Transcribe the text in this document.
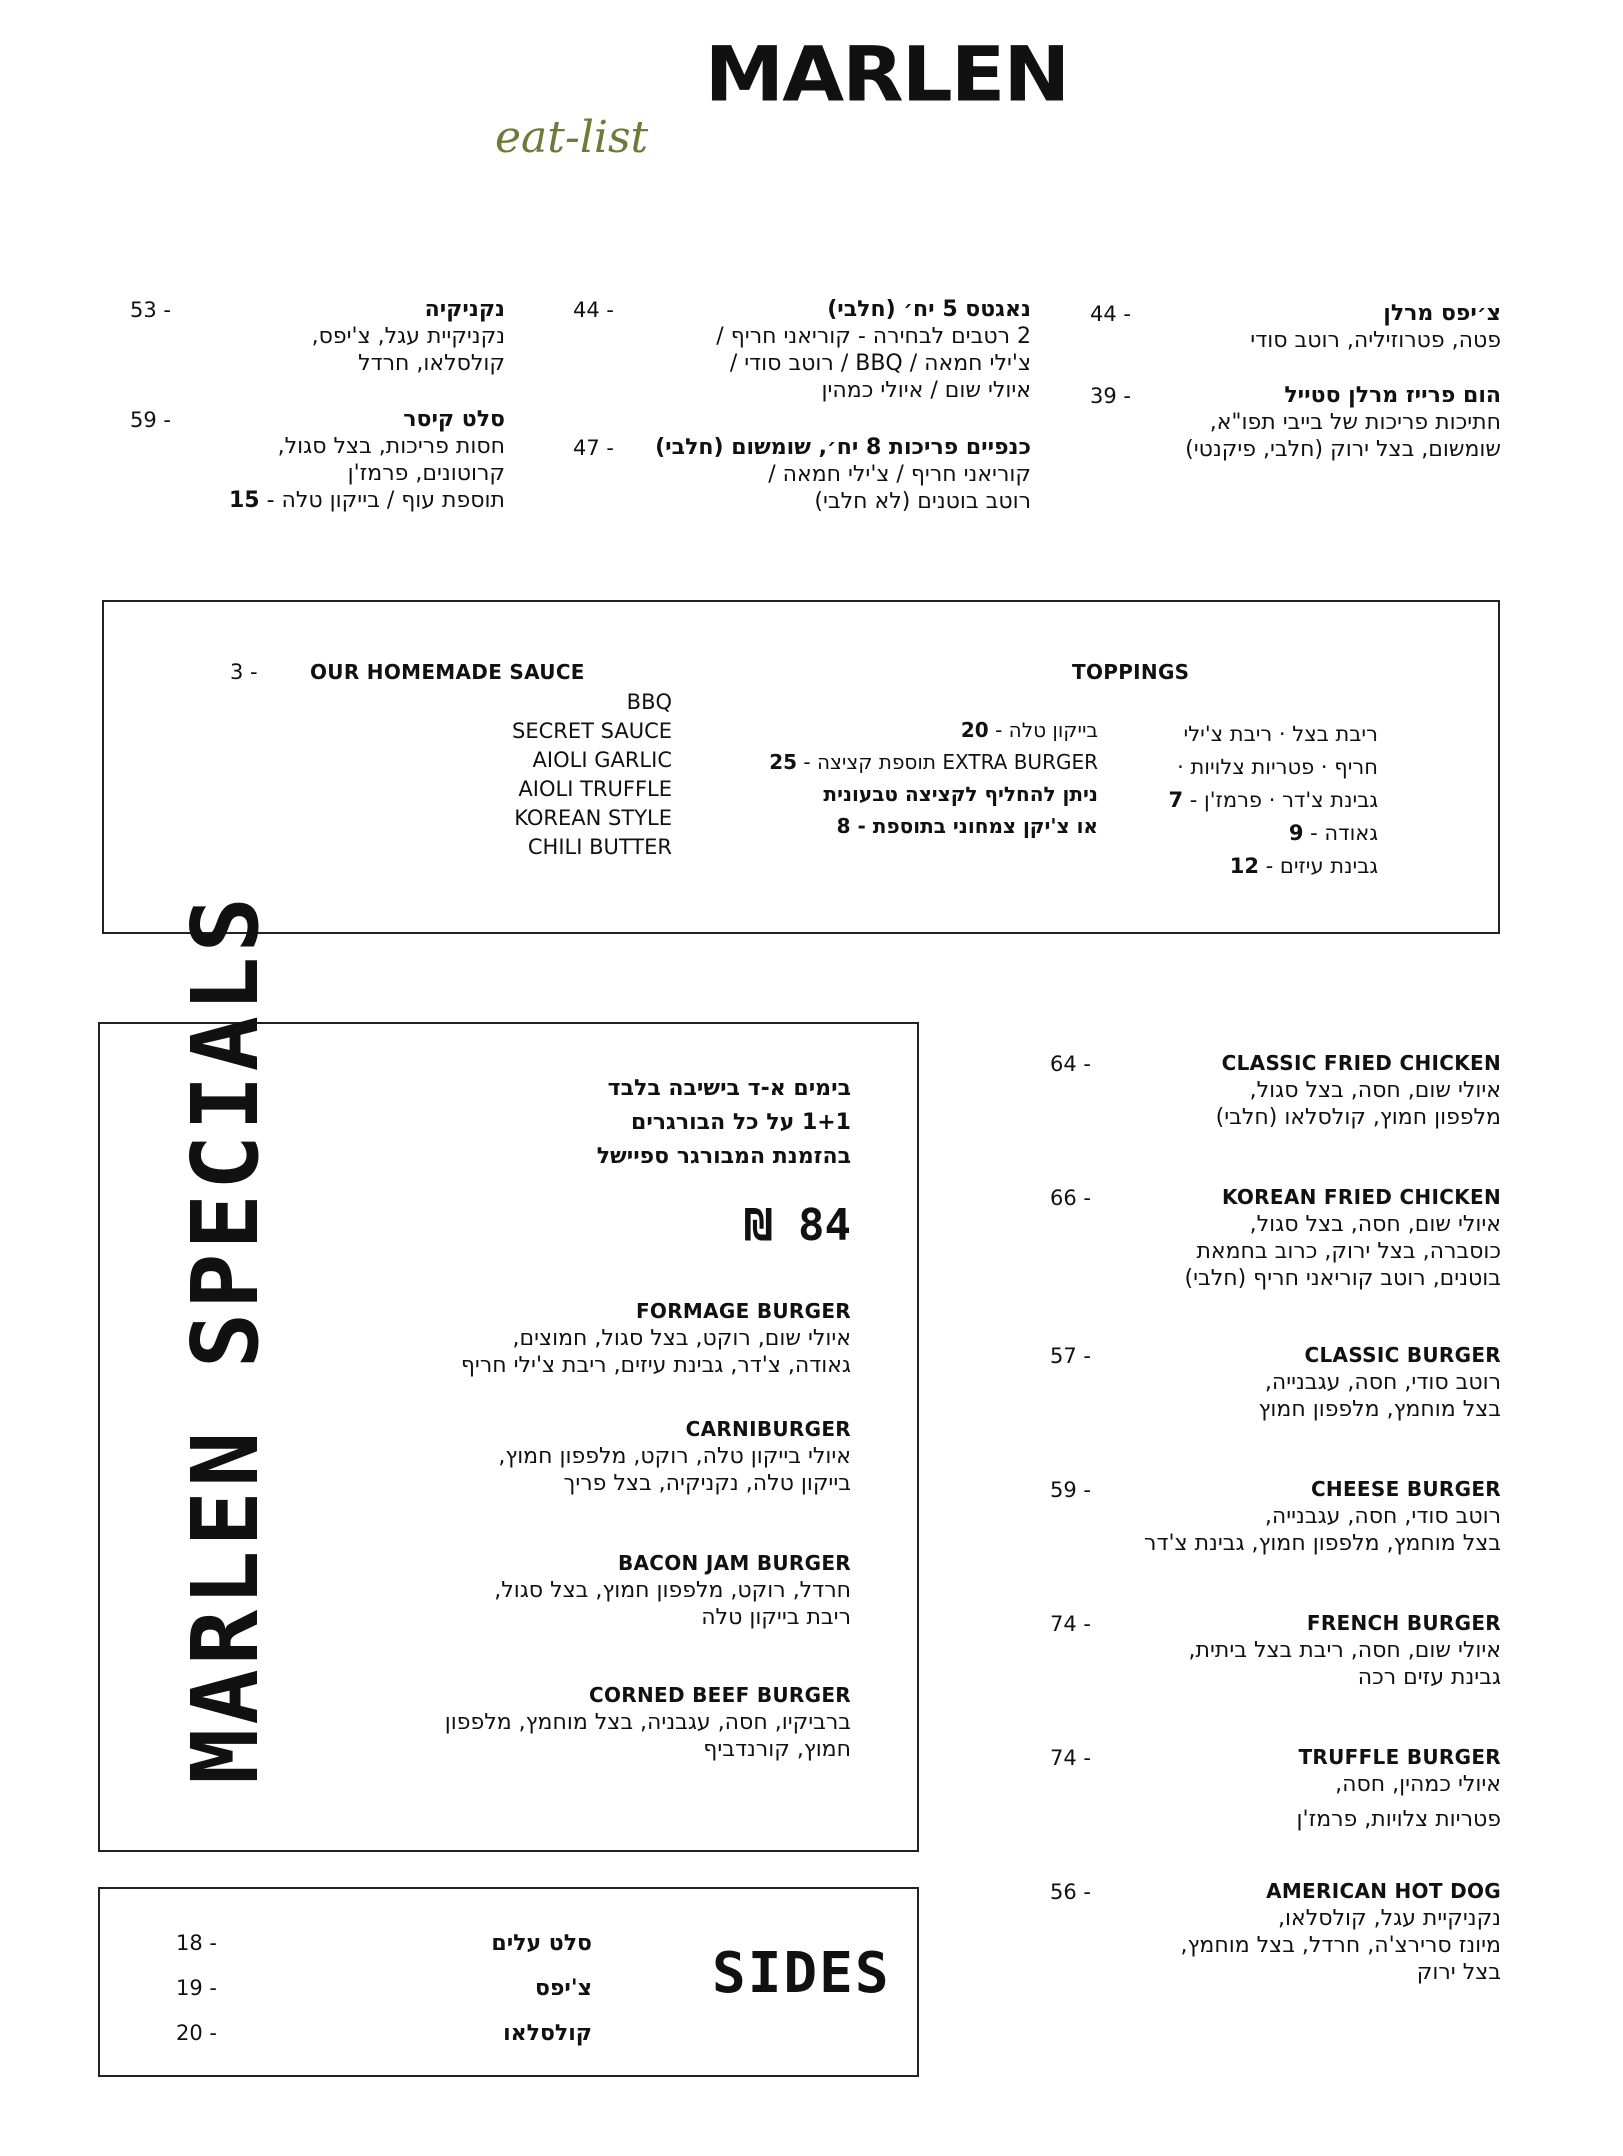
MARLEN
eat-list
צ׳יפס מרלן
פטה, פטרוזיליה, רוטב סודי
44 -
הום פרייז מרלן סטייל
חתיכות פריכות של בייבי תפו"א,
שומשום, בצל ירוק (חלבי, פיקנטי)
39 -
נאגטס 5 יח׳ (חלבי)
2 רטבים לבחירה - קוריאני חריף /
צ'ילי חמאה / BBQ / רוטב סודי /
איולי שום / איולי כמהין
44 -
כנפיים פריכות 8 יח׳, שומשום (חלבי)
קוריאני חריף / צ'ילי חמאה /
רוטב בוטנים (לא חלבי)
47 -
נקניקיה
נקניקיית עגל, צ'יפס,
קולסלאו, חרדל
53 -
סלט קיסר
חסות פריכות, בצל סגול,
קרוטונים, פרמז'ן
תוספת עוף / בייקון טלה - 15
59 -
TOPPINGS
ריבת בצל · ריבת צ'ילי
חריף · פטריות צלויות ·
גבינת צ'דר · פרמז'ן - 7
גאודה - 9
גבינת עיזים - 12
בייקון טלה - 20
EXTRA BURGER תוספת קציצה - 25
ניתן להחליף לקציצה טבעונית
או צ'יקן צמחוני בתוספת - 8
OUR HOMEMADE SAUCE
3 -
BBQ
SECRET SAUCE
AIOLI GARLIC
AIOLI TRUFFLE
KOREAN STYLE
CHILI BUTTER
MARLEN SPECIALS	בימים א-ד בישיבה בלבד
1+1 על כל הבורגרים
בהזמנת המבורגר ספיישל
84 ₪
FORMAGE BURGER
איולי שום, רוקט, בצל סגול, חמוצים,
גאודה, צ'דר, גבינת עיזים, ריבת צ'ילי חריף
CARNIBURGER
איולי בייקון טלה, רוקט, מלפפון חמוץ,
בייקון טלה, נקניקיה, בצל פריך
BACON JAM BURGER
חרדל, רוקט, מלפפון חמוץ, בצל סגול,
ריבת בייקון טלה
CORNED BEEF BURGER
ברביקיו, חסה, עגבניה, בצל מוחמץ, מלפפון
חמוץ, קורנדביף
SIDES
סלט עלים
צ'יפס
קולסלאו
18 -
19 -
20 -
CLASSIC FRIED CHICKEN
איולי שום, חסה, בצל סגול,
מלפפון חמוץ, קולסלאו (חלבי)
64 -
KOREAN FRIED CHICKEN
איולי שום, חסה, בצל סגול,
כוסברה, בצל ירוק, כרוב בחמאת
בוטנים, רוטב קוריאני חריף (חלבי)
66 -
CLASSIC BURGER
רוטב סודי, חסה, עגבנייה,
בצל מוחמץ, מלפפון חמוץ
57 -
CHEESE BURGER
רוטב סודי, חסה, עגבנייה,
בצל מוחמץ, מלפפון חמוץ, גבינת צ'דר
59 -
FRENCH BURGER
איולי שום, חסה, ריבת בצל ביתית,
גבינת עזים רכה
74 -
TRUFFLE BURGER
איולי כמהין, חסה,
פטריות צלויות, פרמז'ן
74 -
AMERICAN HOT DOG
נקניקיית עגל, קולסלאו,
מיונז סרירצ'ה, חרדל, בצל מוחמץ,
בצל ירוק
56 -
